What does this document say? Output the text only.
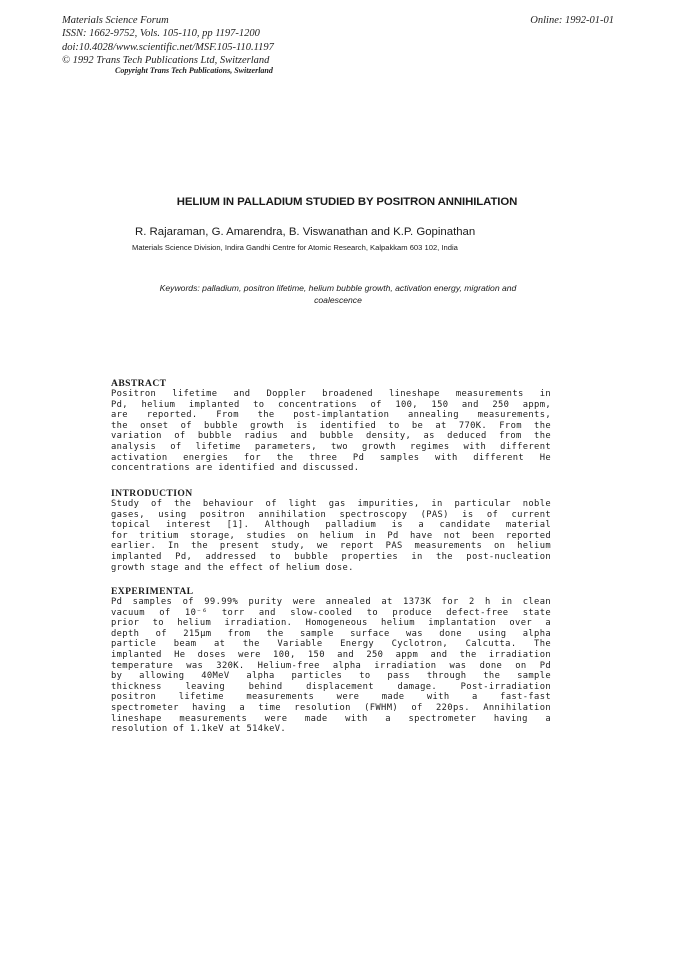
Materials Science Forum
ISSN: 1662-9752, Vols. 105-110, pp 1197-1200
doi:10.4028/www.scientific.net/MSF.105-110.1197
© 1992 Trans Tech Publications Ltd, Switzerland
Online: 1992-01-01
Copyright Trans Tech Publications, Switzerland
HELIUM IN PALLADIUM STUDIED BY POSITRON ANNIHILATION
R. Rajaraman, G. Amarendra, B. Viswanathan and K.P. Gopinathan
Materials Science Division, Indira Gandhi Centre for Atomic Research, Kalpakkam 603 102, India
Keywords: palladium, positron lifetime, helium bubble growth, activation energy, migration and
coalescence
ABSTRACT
Positron lifetime and Doppler broadened lineshape measurements in
Pd, helium implanted to concentrations of 100, 150 and 250 appm,
are reported. From the post-implantation annealing measurements,
the onset of bubble growth is identified to be at 770K. From the
variation of bubble radius and bubble density, as deduced from the
analysis of lifetime parameters, two growth regimes with different
activation energies for the three Pd samples with different He
concentrations are identified and discussed.
INTRODUCTION
Study of the behaviour of light gas impurities, in particular noble
gases, using positron annihilation spectroscopy (PAS) is of current
topical interest [1]. Although palladium is a candidate material
for tritium storage, studies on helium in Pd have not been reported
earlier. In the present study, we report PAS measurements on helium
implanted Pd, addressed to bubble properties in the post-nucleation
growth stage and the effect of helium dose.
EXPERIMENTAL
Pd samples of 99.99% purity were annealed at 1373K for 2 h in clean
vacuum of 10⁻⁶ torr and slow-cooled to produce defect-free state
prior to helium irradiation. Homogeneous helium implantation over a
depth of 215μm from the sample surface was done using alpha
particle beam at the Variable Energy Cyclotron, Calcutta. The
implanted He doses were 100, 150 and 250 appm and the irradiation
temperature was 320K. Helium-free alpha irradiation was done on Pd
by allowing 40MeV alpha particles to pass through the sample
thickness leaving behind displacement damage. Post-irradiation
positron lifetime measurements were made with a fast-fast
spectrometer having a time resolution (FWHM) of 220ps. Annihilation
lineshape measurements were made with a spectrometer having a
resolution of 1.1keV at 514keV.
